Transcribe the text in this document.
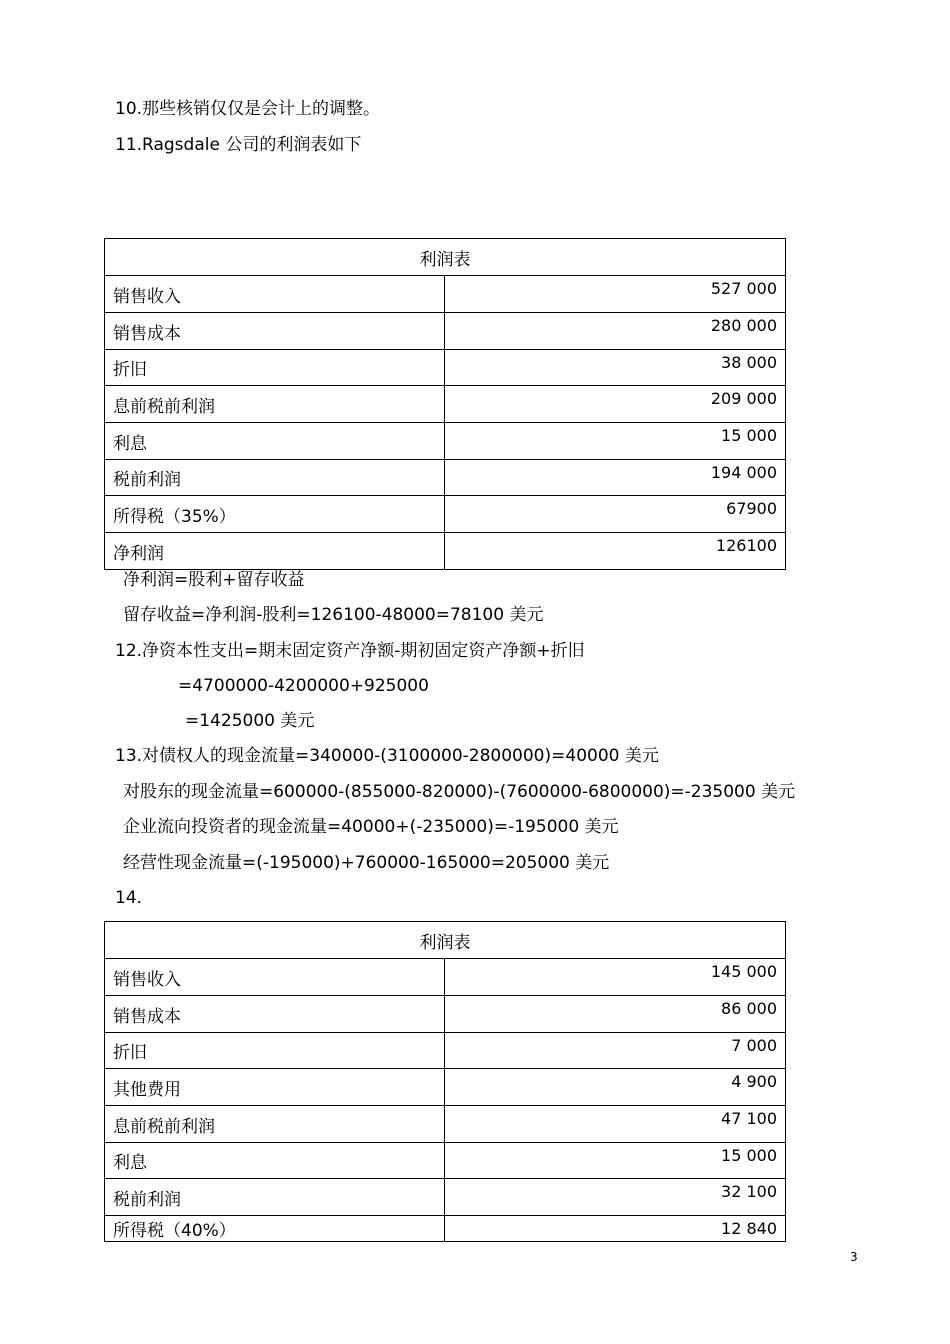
10.那些核销仅仅是会计上的调整。
11.Ragsdale 公司的利润表如下
利润表	
销售收入	527 000
销售成本	280 000
折旧	38 000
息前税前利润	209 000
利息	15 000
税前利润	194 000
所得税（35%）	67900
净利润	126100
净利润=股利+留存收益
留存收益=净利润-股利=126100-48000=78100 美元
12.净资本性支出=期末固定资产净额-期初固定资产净额+折旧
=4700000-4200000+925000
=1425000 美元
13.对债权人的现金流量=340000-(3100000-2800000)=40000 美元
对股东的现金流量=600000-(855000-820000)-(7600000-6800000)=-235000 美元
企业流向投资者的现金流量=40000+(-235000)=-195000 美元
经营性现金流量=(-195000)+760000-165000=205000 美元
14.
利润表	
销售收入	145 000
销售成本	86 000
折旧	7 000
其他费用	4 900
息前税前利润	47 100
利息	15 000
税前利润	32 100
所得税（40%）	12 840
3
